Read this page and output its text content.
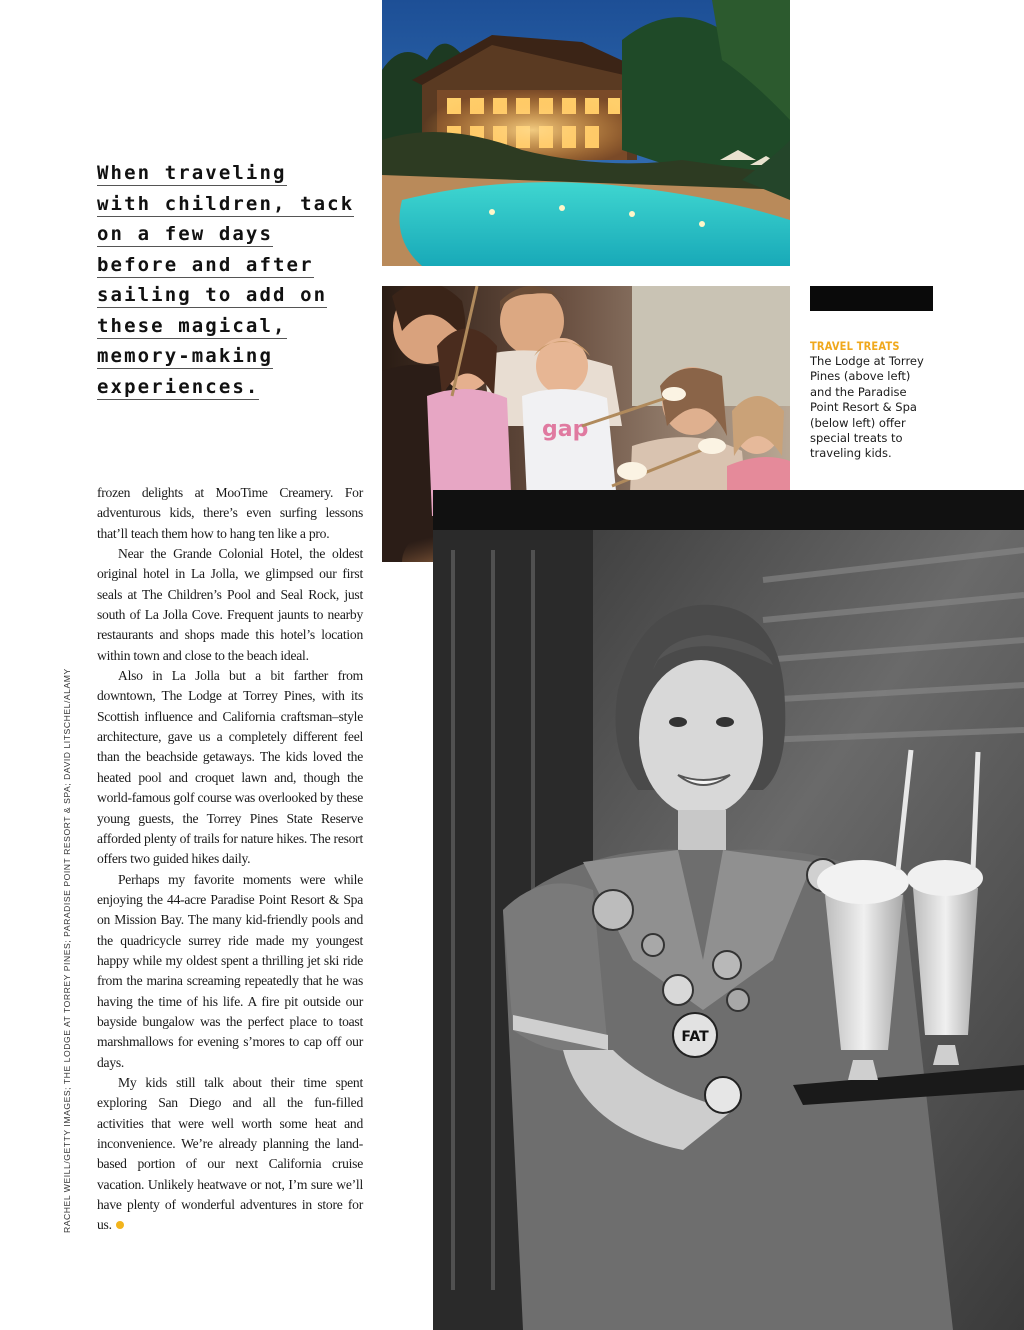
When traveling
with children, tack
on a few days
before and after
sailing to add on
these magical,
memory-making
experiences.

frozen delights at MooTime Creamery. For adventurous kids, there’s even surfing lessons that’ll teach them how to hang ten like a pro.

Near the Grande Colonial Hotel, the oldest original hotel in La Jolla, we glimpsed our first seals at The Children’s Pool and Seal Rock, just south of La Jolla Cove. Frequent jaunts to nearby restaurants and shops made this hotel’s location within town and close to the beach ideal.

Also in La Jolla but a bit farther from downtown, The Lodge at Torrey Pines, with its Scottish influence and California craftsman–style architecture, gave us a completely different feel than the beachside getaways. The kids loved the heated pool and croquet lawn and, though the world-famous golf course was overlooked by these young guests, the Torrey Pines State Reserve afforded plenty of trails for nature hikes. The resort offers two guided hikes daily.

Perhaps my favorite moments were while enjoying the 44-acre Paradise Point Resort & Spa on Mission Bay. The many kid-friendly pools and the quadricycle surrey ride made my youngest happy while my oldest spent a thrilling jet ski ride from the marina screaming repeatedly that he was having the time of his life. A fire pit outside our bayside bungalow was the perfect place to toast marshmallows for evening s’mores to cap off our days.

My kids still talk about their time spent exploring San Diego and all the fun-filled activities that were well worth some heat and inconvenience. We’re already planning the land-based portion of our next California cruise vacation. Unlikely heatwave or not, I’m sure we’ll have plenty of wonderful adventures in store for us.

RACHEL WEILL/GETTY IMAGES; THE LODGE AT TORREY PINES; PARADISE POINT RESORT & SPA; DAVID LITSCHEL/ALAMY
gap
FAT
TRAVEL TREATS
The Lodge at Torrey Pines (above left) and the Paradise Point Resort & Spa (below left) offer special treats to traveling kids.
